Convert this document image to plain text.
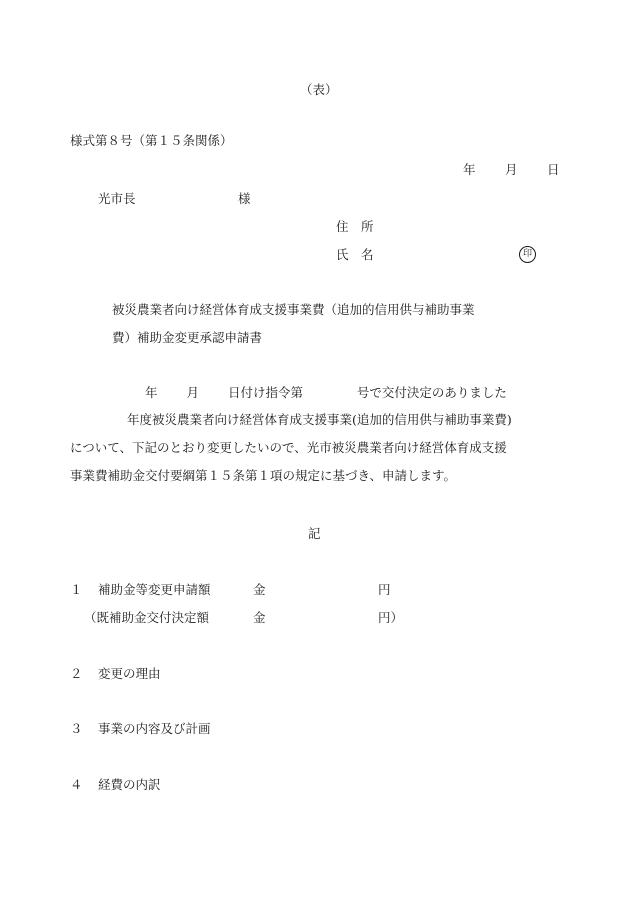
（表）
様式第８号（第１５条関係）
年 月 日
光市長	様
住　所
氏　名	印
被災農業者向け経営体育成支援事業費（追加的信用供与補助事業
費）補助金変更承認申請書
年　　 月　　 日付け指令第　　　　 号で交付決定のありました
年度被災農業者向け経営体育成支援事業(追加的信用供与補助事業費)
について、下記のとおり変更したいので、光市被災農業者向け経営体育成支援
事業費補助金交付要綱第１５条第１項の規定に基づき、申請します。
記
１ 補助金等変更申請額	金	円
（既補助金交付決定額	金	円）
２ 変更の理由
３ 事業の内容及び計画
４ 経費の内訳
